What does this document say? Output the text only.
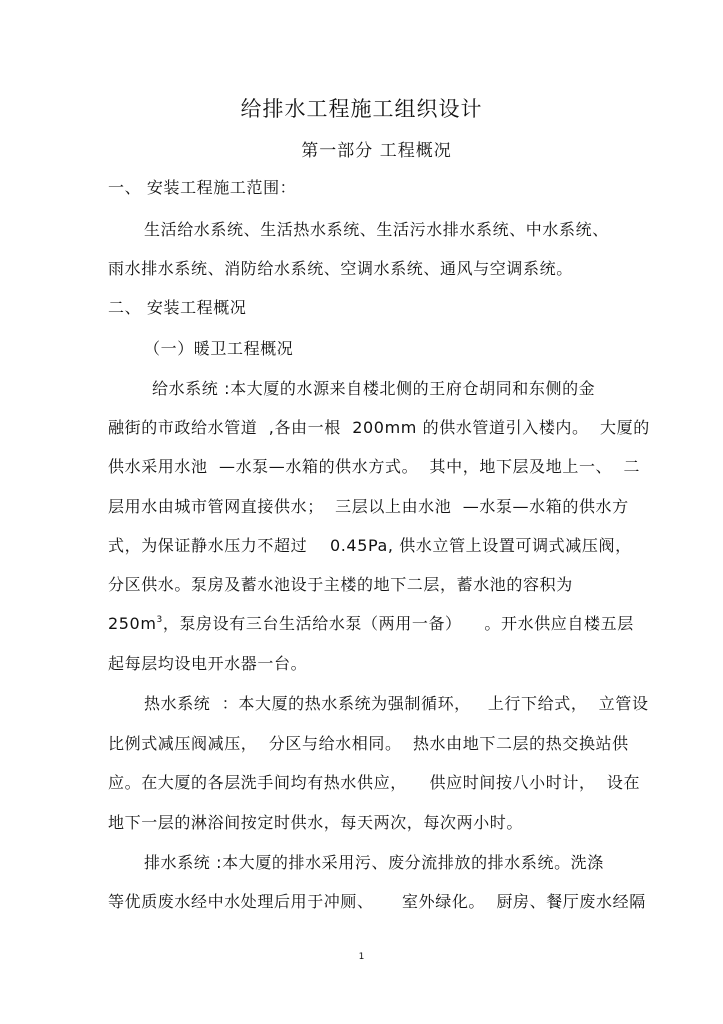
给排水工程施工组织设计
第一部分 工程概况
一、 安装工程施工范围：
生活给水系统、生活热水系统、生活污水排水系统、中水系统、
雨水排水系统、消防给水系统、空调水系统、通风与空调系统。
二、 安装工程概况
（一）暖卫工程概况
给水系统 :本大厦的水源来自楼北侧的王府仓胡同和东侧的金
融街的市政给水管道  ,各由一根  200mm 的供水管道引入楼内。  大厦的
供水采用水池  —水泵—水箱的供水方式。  其中，地下层及地上一、  二
层用水由城市管网直接供水；  三层以上由水池  —水泵—水箱的供水方
式，为保证静水压力不超过    0.45Pa, 供水立管上设置可调式减压阀，
分区供水。泵房及蓄水池设于主楼的地下二层，蓄水池的容积为
$250m^3$，泵房设有三台生活给水泵（两用一备）    。开水供应自楼五层
起每层均设电开水器一台。
热水系统  ：本大厦的热水系统为强制循环，   上行下给式，  立管设
比例式减压阀减压，  分区与给水相同。  热水由地下二层的热交换站供
应。在大厦的各层洗手间均有热水供应，    供应时间按八小时计，  设在
地下一层的淋浴间按定时供水，每天两次，每次两小时。
排水系统 :本大厦的排水采用污、废分流排放的排水系统。洗涤
等优质废水经中水处理后用于冲厕、     室外绿化。  厨房、餐厅废水经隔
1
